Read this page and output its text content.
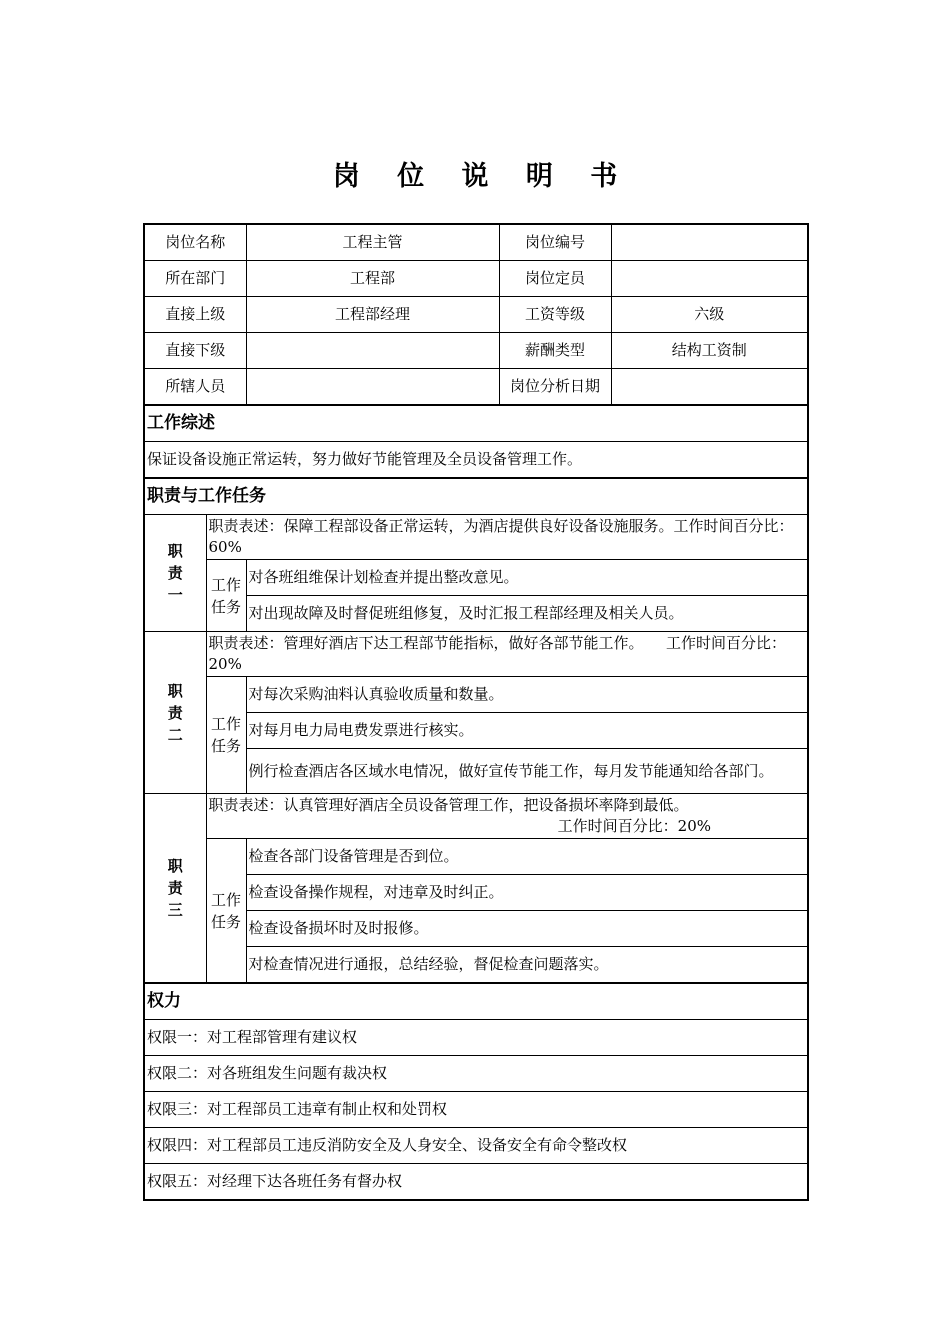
岗 位 说 明 书
岗位名称		工程主管	岗位编号	
所在部门		工程部	岗位定员	
直接上级		工程部经理	工资等级	六级
直接下级			薪酬类型	结构工资制
所辖人员			岗位分析日期	
工作综述				
保证设备设施正常运转，努力做好节能管理及全员设备管理工作。				
职责与工作任务				

职
责
一	职责表述：保障工程部设备正常运转，为酒店提供良好设备设施服务。工作时间百分比：60%			

	工作
任务	对各班组维保计划检查并提出整改意见。		
		对出现故障及时督促班组修复，及时汇报工程部经理及相关人员。		

职
责
二	职责表述：管理好酒店下达工程部节能指标，做好各部节能工作。　　工作时间百分比：20%			

	工作
任务	对每次采购油料认真验收质量和数量。		
		对每月电力局电费发票进行核实。		
		例行检查酒店各区域水电情况，做好宣传节能工作，每月发节能通知给各部门。		

职
责
三	职责表述：认真管理好酒店全员设备管理工作，把设备损坏率降到最低。
工作时间百分比：20%			

	工作
任务	检查各部门设备管理是否到位。		
		检查设备操作规程，对违章及时纠正。		
		检查设备损坏时及时报修。		
		对检查情况进行通报，总结经验，督促检查问题落实。		
权力				
权限一：对工程部管理有建议权				
权限二：对各班组发生问题有裁决权				
权限三：对工程部员工违章有制止权和处罚权				
权限四：对工程部员工违反消防安全及人身安全、设备安全有命令整改权				
权限五：对经理下达各班任务有督办权				
